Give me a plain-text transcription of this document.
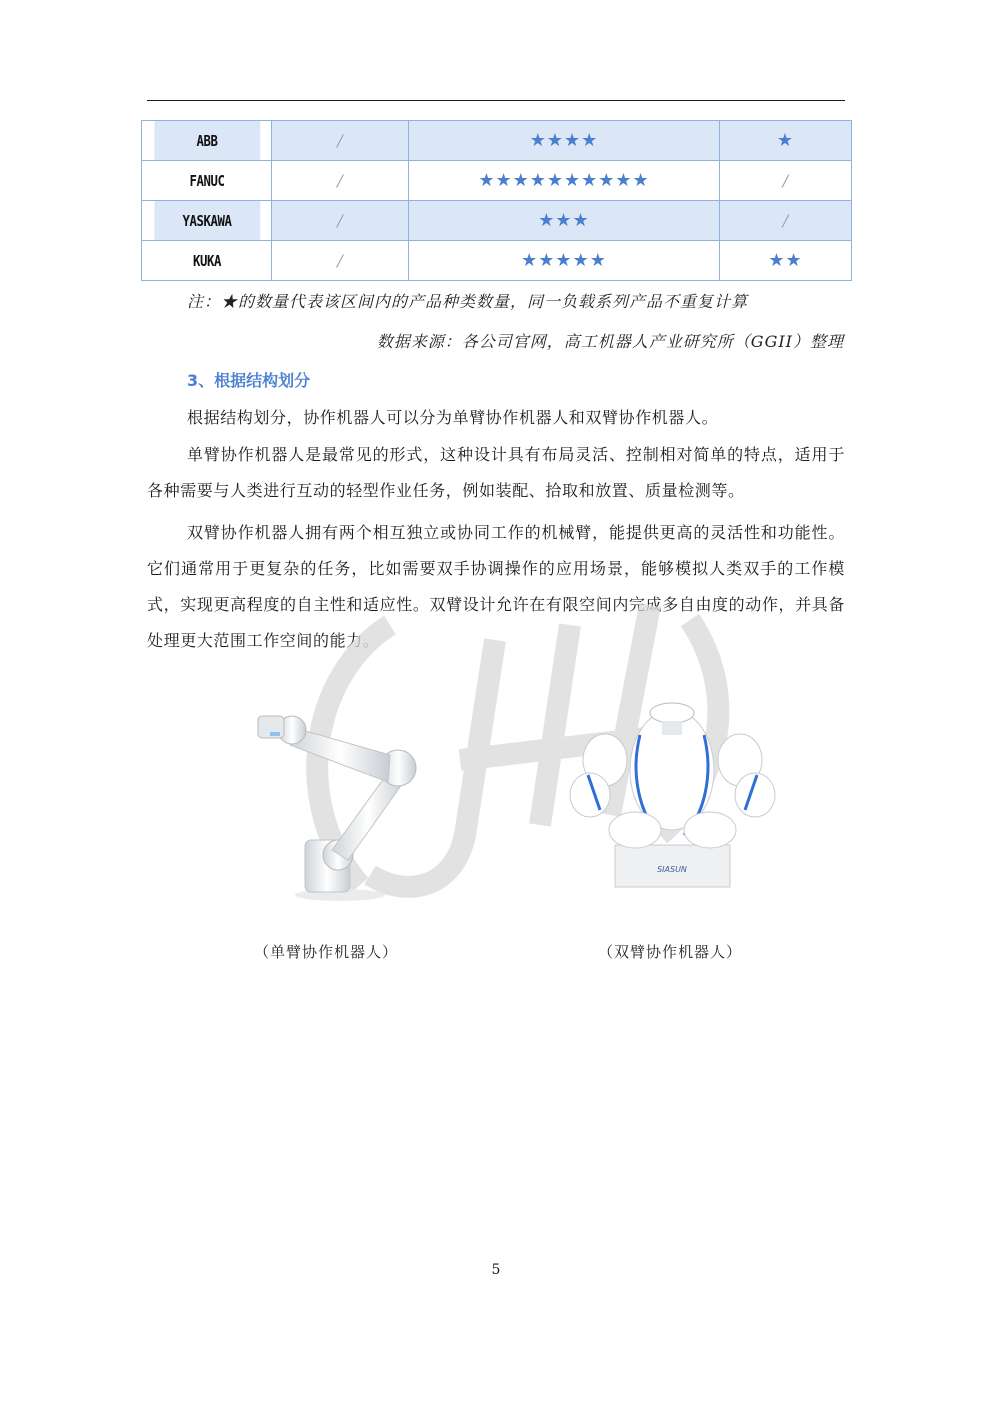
ABB	/	★★★★	★
FANUC	/	★★★★★★★★★★	/
YASKAWA	/	★★★	/
KUKA	/	★★★★★	★★
注：★的数量代表该区间内的产品种类数量，同一负载系列产品不重复计算
数据来源：各公司官网，高工机器人产业研究所（GGII）整理
3、根据结构划分

根据结构划分，协作机器人可以分为单臂协作机器人和双臂协作机器人。

单臂协作机器人是最常见的形式，这种设计具有布局灵活、控制相对简单的特点，适用于各种需要与人类进行互动的轻型作业任务，例如装配、拾取和放置、质量检测等。

双臂协作机器人拥有两个相互独立或协同工作的机械臂，能提供更高的灵活性和功能性。它们通常用于更复杂的任务，比如需要双手协调操作的应用场景，能够模拟人类双手的工作模式，实现更高程度的自主性和适应性。双臂设计允许在有限空间内完成多自由度的动作，并具备处理更大范围工作空间的能力。

SIASUN
（单臂协作机器人）	（双臂协作机器人）
5
